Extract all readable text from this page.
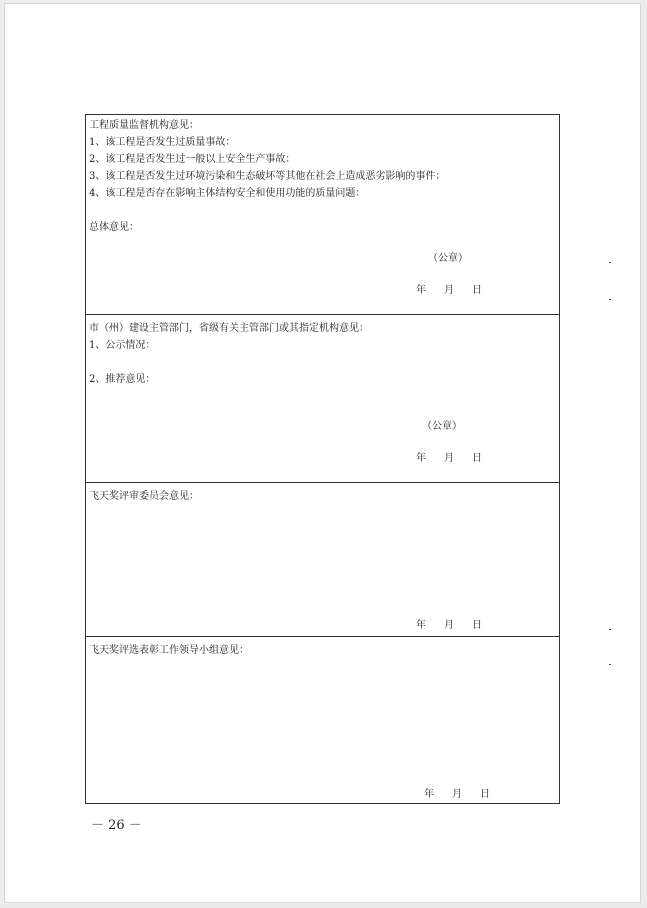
工程质量监督机构意见：
1、该工程是否发生过质量事故：
2、该工程是否发生过一般以上安全生产事故：
3、该工程是否发生过环境污染和生态破坏等其他在社会上造成恶劣影响的事件：
4、该工程是否存在影响主体结构安全和使用功能的质量问题：
总体意见：
（公章）
年 月 日
市（州）建设主管部门，省级有关主管部门或其指定机构意见：
1、公示情况：
2、推荐意见：
（公章）
年 月 日
飞天奖评审委员会意见：
年 月 日
飞天奖评选表彰工作领导小组意见：
年 月 日
－ 26 －
